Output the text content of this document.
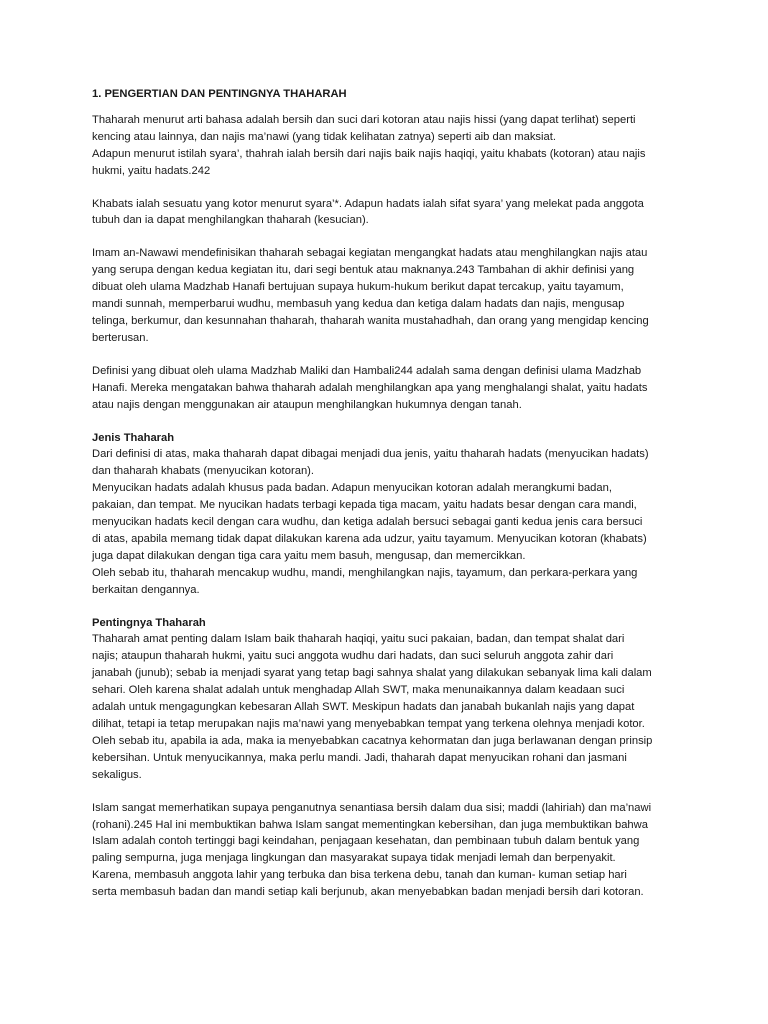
1. PENGERTIAN DAN PENTINGNYA THAHARAH
Thaharah menurut arti bahasa adalah bersih dan suci dari kotoran atau najis hissi (yang dapat terlihat) seperti
kencing atau lainnya, dan najis ma’nawi (yang tidak kelihatan zatnya) seperti aib dan maksiat.
Adapun menurut istilah syara’, thahrah ialah bersih dari najis baik najis haqiqi, yaitu khabats (kotoran) atau najis
hukmi, yaitu hadats.242
Khabats ialah sesuatu yang kotor menurut syara’*. Adapun hadats ialah sifat syara’ yang melekat pada anggota
tubuh dan ia dapat menghilangkan thaharah (kesucian).
Imam an-Nawawi mendefinisikan thaharah sebagai kegiatan mengangkat hadats atau menghilangkan najis atau
yang serupa dengan kedua kegiatan itu, dari segi bentuk atau maknanya.243 Tambahan di akhir definisi yang
dibuat oleh ulama Madzhab Hanafi bertujuan supaya hukum-hukum berikut dapat tercakup, yaitu tayamum,
mandi sunnah, memperbarui wudhu, membasuh yang kedua dan ketiga dalam hadats dan najis, mengusap
telinga, berkumur, dan kesunnahan thaharah, thaharah wanita mustahadhah, dan orang yang mengidap kencing
berterusan.
Definisi yang dibuat oleh ulama Madzhab Maliki dan Hambali244 adalah sama dengan definisi ulama Madzhab
Hanafi. Mereka mengatakan bahwa thaharah adalah menghilangkan apa yang menghalangi shalat, yaitu hadats
atau najis dengan menggunakan air ataupun menghilangkan hukumnya dengan tanah.
Jenis Thaharah
Dari definisi di atas, maka thaharah dapat dibagai menjadi dua jenis, yaitu thaharah hadats (menyucikan hadats)
dan thaharah khabats (menyucikan kotoran).
Menyucikan hadats adalah khusus pada badan. Adapun menyucikan kotoran adalah merangkumi badan,
pakaian, dan tempat. Me nyucikan hadats terbagi kepada tiga macam, yaitu hadats besar dengan cara mandi,
menyucikan hadats kecil dengan cara wudhu, dan ketiga adalah bersuci sebagai ganti kedua jenis cara bersuci
di atas, apabila memang tidak dapat dilakukan karena ada udzur, yaitu tayamum. Menyucikan kotoran (khabats)
juga dapat dilakukan dengan tiga cara yaitu mem basuh, mengusap, dan memercikkan.
Oleh sebab itu, thaharah mencakup wudhu, mandi, menghilangkan najis, tayamum, dan perkara-perkara yang
berkaitan dengannya.
Pentingnya Thaharah
Thaharah amat penting dalam Islam baik thaharah haqiqi, yaitu suci pakaian, badan, dan tempat shalat dari
najis; ataupun thaharah hukmi, yaitu suci anggota wudhu dari hadats, dan suci seluruh anggota zahir dari
janabah (junub); sebab ia menjadi syarat yang tetap bagi sahnya shalat yang dilakukan sebanyak lima kali dalam
sehari. Oleh karena shalat adalah untuk menghadap Allah SWT, maka menunaikannya dalam keadaan suci
adalah untuk mengagungkan kebesaran Allah SWT. Meskipun hadats dan janabah bukanlah najis yang dapat
dilihat, tetapi ia tetap merupakan najis ma’nawi yang menyebabkan tempat yang terkena olehnya menjadi kotor.
Oleh sebab itu, apabila ia ada, maka ia menyebabkan cacatnya kehormatan dan juga berlawanan dengan prinsip
kebersihan. Untuk menyucikannya, maka perlu mandi. Jadi, thaharah dapat menyucikan rohani dan jasmani
sekaligus.
Islam sangat memerhatikan supaya penganutnya senantiasa bersih dalam dua sisi; maddi (lahiriah) dan ma’nawi
(rohani).245 Hal ini membuktikan bahwa Islam sangat mementingkan kebersihan, dan juga membuktikan bahwa
Islam adalah contoh tertinggi bagi keindahan, penjagaan kesehatan, dan pembinaan tubuh dalam bentuk yang
paling sempurna, juga menjaga lingkungan dan masyarakat supaya tidak menjadi lemah dan berpenyakit.
Karena, membasuh anggota lahir yang terbuka dan bisa terkena debu, tanah dan kuman- kuman setiap hari
serta membasuh badan dan mandi setiap kali berjunub, akan menyebabkan badan menjadi bersih dari kotoran.
